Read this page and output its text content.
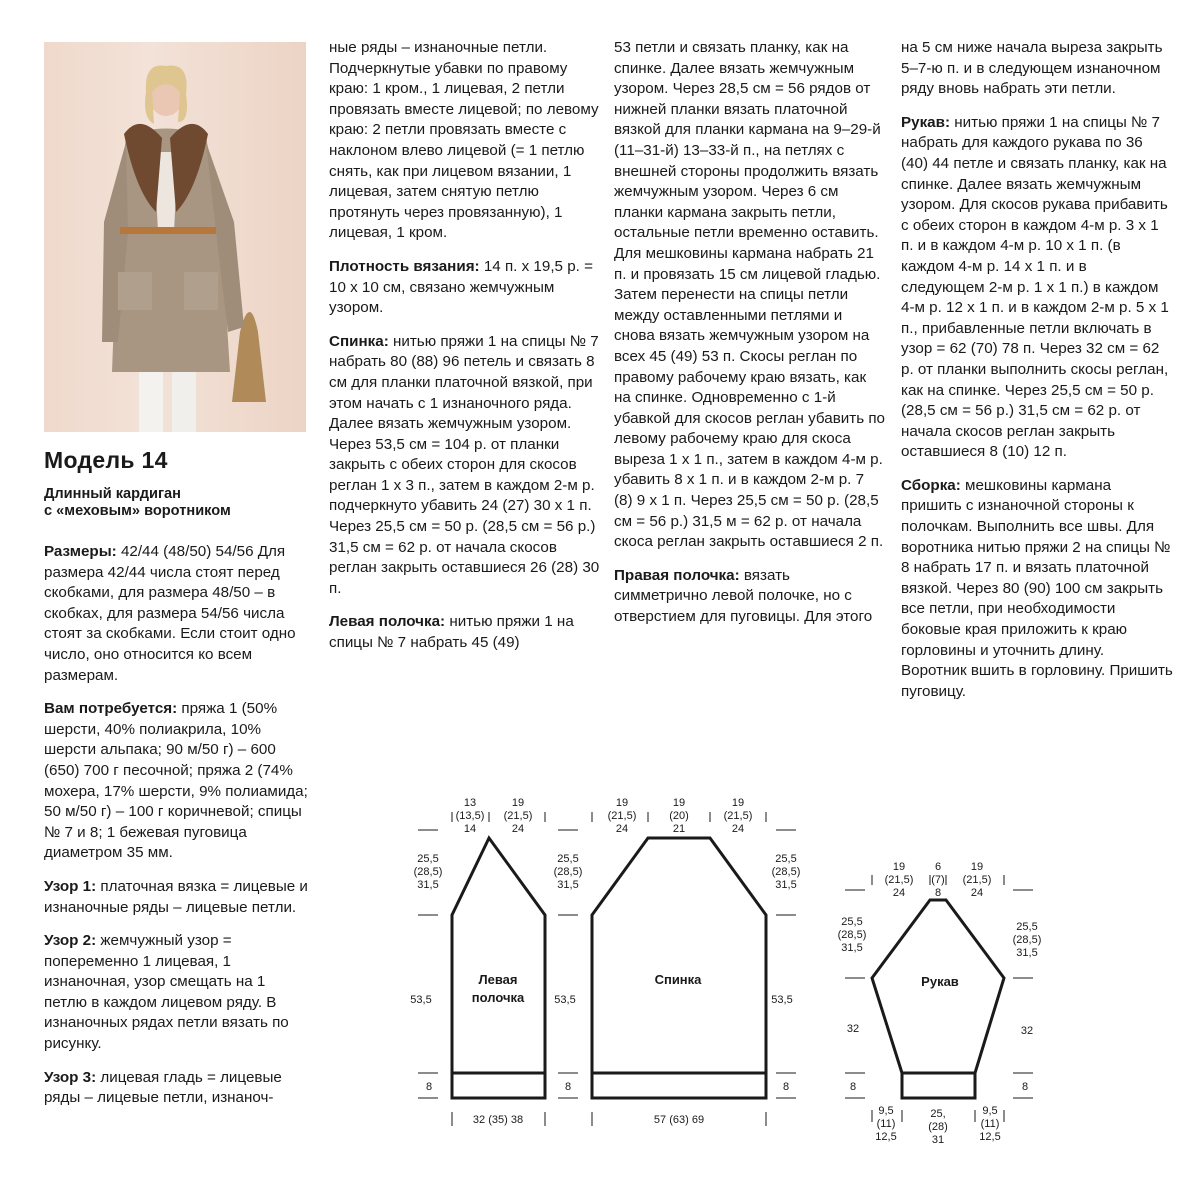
Модель 14
Длинный кардиган
с «меховым» воротником

Размеры: 42/44 (48/50) 54/56 Для размера 42/44 числа стоят перед скобками, для размера 48/50 – в скобках, для размера 54/56 числа стоят за скобками. Если стоит одно число, оно относится ко всем размерам.

Вам потребуется: пряжа 1 (50% шерсти, 40% полиакрила, 10% шерсти альпака; 90 м/50 г) – 600 (650) 700 г песочной; пряжа 2 (74% мохера, 17% шерсти, 9% полиамида; 50 м/50 г) – 100 г коричневой; спицы № 7 и 8; 1 бежевая пуговица диаметром 35 мм.

Узор 1: платочная вязка = лицевые и изнаночные ряды – лицевые петли.

Узор 2: жемчужный узор = попеременно 1 лицевая, 1 изнаночная, узор смещать на 1 петлю в каждом лицевом ряду. В изнаночных рядах петли вязать по рисунку.

Узор 3: лицевая гладь = лицевые ряды – лицевые петли, изнаноч-

ные ряды – изнаночные петли.
Подчеркнутые убавки по правому краю: 1 кром., 1 лицевая, 2 петли провязать вместе лицевой; по левому краю: 2 петли провязать вместе с наклоном влево лицевой (= 1 петлю снять, как при лицевом вязании, 1 лицевая, затем снятую петлю протянуть через провязанную), 1 лицевая, 1 кром.

Плотность вязания: 14 п. х 19,5 р. = 10 х 10 см, связано жемчужным узором.

Спинка: нитью пряжи 1 на спицы № 7 набрать 80 (88) 96 петель и связать 8 см для планки платочной вязкой, при этом начать с 1 изнаночного ряда. Далее вязать жемчужным узором. Через 53,5 см = 104 р. от планки закрыть с обеих сторон для скосов реглан 1 х 3 п., затем в каждом 2-м р. подчеркнуто убавить 24 (27) 30 х 1 п. Через 25,5 см = 50 р. (28,5 см = 56 р.) 31,5 см = 62 р. от начала скосов реглан закрыть оставшиеся 26 (28) 30 п.

Левая полочка: нитью пряжи 1 на спицы № 7 набрать 45 (49)

53 петли и связать планку, как на спинке. Далее вязать жемчужным узором. Через 28,5 см = 56 рядов от нижней планки вязать платочной вязкой для планки кармана на 9–29-й (11–31-й) 13–33-й п., на петлях с внешней стороны продолжить вязать жемчужным узором. Через 6 см планки кармана закрыть петли, остальные петли временно оставить. Для мешковины кармана набрать 21 п. и провязать 15 см лицевой гладью. Затем перенести на спицы петли между оставленными петлями и снова вязать жемчужным узором на всех 45 (49) 53 п. Скосы реглан по правому рабочему краю вязать, как на спинке. Одновременно с 1-й убавкой для скосов реглан убавить по левому рабочему краю для скоса выреза 1 х 1 п., затем в каждом 4-м р. убавить 8 х 1 п. и в каждом 2-м р. 7 (8) 9 х 1 п. Через 25,5 см = 50 р. (28,5 см = 56 р.) 31,5 м = 62 р. от начала скоса реглан закрыть оставшиеся 2 п.

Правая полочка: вязать симметрично левой полочке, но с отверстием для пуговицы. Для этого

на 5 см ниже начала выреза закрыть 5–7-ю п. и в следующем изнаночном ряду вновь набрать эти петли.

Рукав: нитью пряжи 1 на спицы № 7 набрать для каждого рукава по 36 (40) 44 петле и связать планку, как на спинке. Далее вязать жемчужным узором. Для скосов рукава прибавить с обеих сторон в каждом 4-м р. 3 х 1 п. и в каждом 4-м р. 10 х 1 п. (в каждом 4-м р. 14 х 1 п. и в следующем 2-м р. 1 х 1 п.) в каждом 4-м р. 12 х 1 п. и в каждом 2-м р. 5 х 1 п., прибавленные петли включать в узор = 62 (70) 78 п. Через 32 см = 62 р. от планки выполнить скосы реглан, как на спинке. Через 25,5 см = 50 р. (28,5 см = 56 р.) 31,5 см = 62 р. от начала скосов реглан закрыть оставшиеся 8 (10) 12 п.

Сборка: мешковины кармана пришить с изнаночной стороны к полочкам. Выполнить все швы. Для воротника нитью пряжи 2 на спицы № 8 набрать 17 п. и вязать платочной вязкой. Через 80 (90) 100 см закрыть все петли, при необходимости боковые края приложить к краю горловины и уточнить длину. Воротник вшить в горловину. Пришить пуговицу.

Левая
полочка
13
(13,5)
14
19
(21,5)
24
25,5
(28,5)
31,5
25,5
(28,5)
31,5
53,5	53,5
8	8
32 (35) 38
Спинка
19
(21,5)
24
19
(20)
21
19
(21,5)
24
25,5
(28,5)
31,5
53,5
8
57 (63) 69
Рукав
19
(21,5)
24
6
(7)
8
19
(21,5)
24
25,5
(28,5)
31,5
25,5
(28,5)
31,5
32	32
8	8
9,5
(11)
12,5
25,
(28)
31
9,5
(11)
12,5
